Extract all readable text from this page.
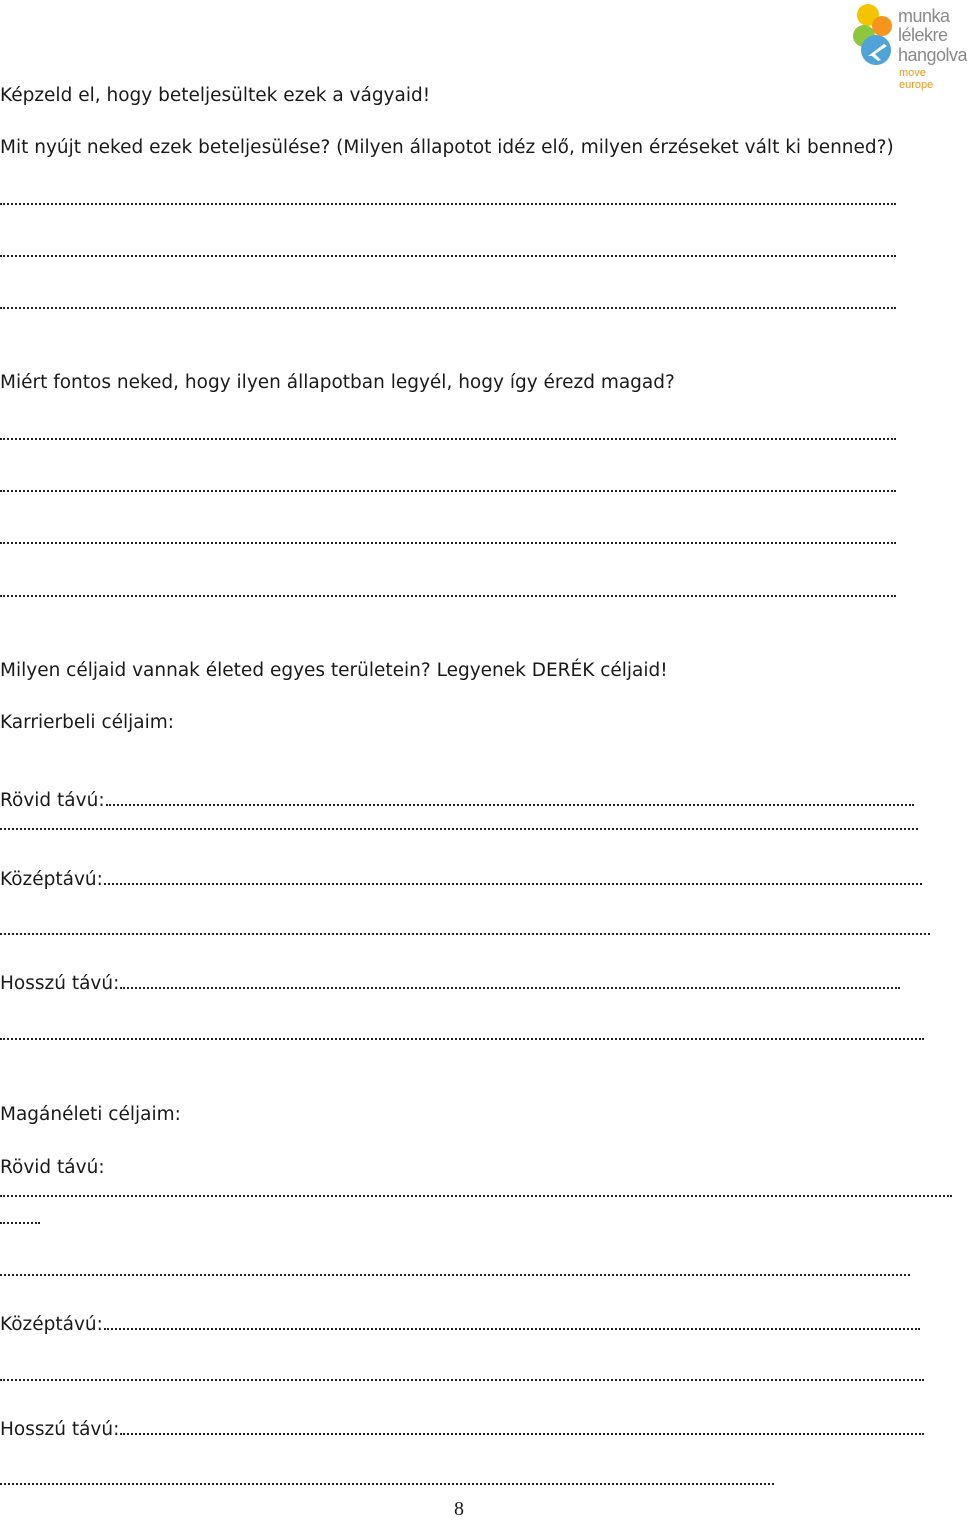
munka
lélekre
hangolva
move europe
Képzeld el, hogy beteljesültek ezek a vágyaid!
Mit nyújt neked ezek beteljesülése? (Milyen állapotot idéz elő, milyen érzéseket vált ki benned?)
Miért fontos neked, hogy ilyen állapotban legyél, hogy így érezd magad?
Milyen céljaid vannak életed egyes területein? Legyenek DERÉK céljaid!
Karrierbeli céljaim:
Rövid távú:
Középtávú:
Hosszú távú:
Magánéleti céljaim:
Rövid távú:
Középtávú:
Hosszú távú:
8
